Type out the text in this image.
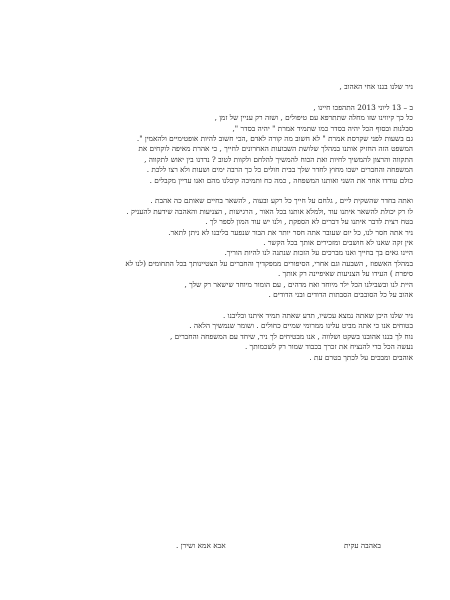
ניר שלנו בננו אחי האהוב ,
ב – 13 ליוני 2013 התהפכו חיינו ,
כל כך קיווינו שזו מחלה שתתרפא עם טיפולים , ושזה רק עניין של זמן ,
סבלנות ובסוף הכל יהיה בסדר כמו שתמיד אמרת " יהיה בסדר ",
גם בשעות לפני שקרסת אמרת " לא חשוב מה קורה לאדם ,הכי חשוב להיות אופטימיים ולהאמין ".
המשפט הזה החזיק אותנו במהלך שלושת השבועות האחרונים לחייך , כי אהרת מאיפה לוקחים את
התקווה והרצון להמשיך לחיות ואת הכוח להמשיך להלחם ולקוות לטוב ? נדדנו בין יאוש לתקווה ,
המשפחה והחברים ישבו מחוץ לחדר שלך בבית חולים כל כך הרבה ימים ושעות ולא רצו ללכת .
כולם עודדו אחד את השני ואותנו המשפחה , כמה כח ותמיכה קיבלנו מהם ואנו עדיין מקבלים .
ואתה בחדר שהשקית ליים , גלחם על חייך כל רקע ובעוה , להשאר בחיים שאותם כה אהבת .
לו רק יכולת להשאר איתנו עוד ,ולמלא אותנו בכל האור , הרגישות , הצניעות והאהבה שידעת להעניק .
בטח רצית לדבר איתנו על דברים לא הספקת , ולנו יש עוד המון לספר לך .
ניר אתה חסר לנו, כל יום שעובר אתה חסר יותר את הבור שנפער בליבנו לא ניתן לתאר.
אין זקה שאנו לא חושבים ומזכירים אותך בכל הקשר .
היינו גאים בך בחייך ואנו מברכים על הזכות שנתנה לנו להיות הוריך.
במהלך האשפוז , השבעה וגם אחרי, הסיפורים ממפקדיך והחברים על הצטיינותך בכל התחומים (לנו לא
סיפרת ) העידו על הצניעות שאיפיינה רק אותך .
היית לנו ובשבילנו הכל ילד מיוחד ואח מדהים , עם הומור מיוחד שישאר רק שלך ,
אהוב על כל הסובבים הסבתות הדודים ובני הדודים .
ניר שלנו היכן שאתה נמצא עכשיו, תדע שאתה תמיד איתנו ובליבנו .
בטוחים אנו כי אתה מביט עלינו ממרומי שמיים כחולים . ושומר שנמשיך הלאה .
נוח לך בננו אהובנו בשקט ושלווה , אנו מבטיחים לך ניר, שיחד עם המשפחה והחברים ,
נעשה הכל כדי להנציח את זכרך בכבוד שמור רק לשכמותך .
אוהבים ומבכים על לכתך בטרם עת .
באהבה עקית
אבא אמא ושירן .
